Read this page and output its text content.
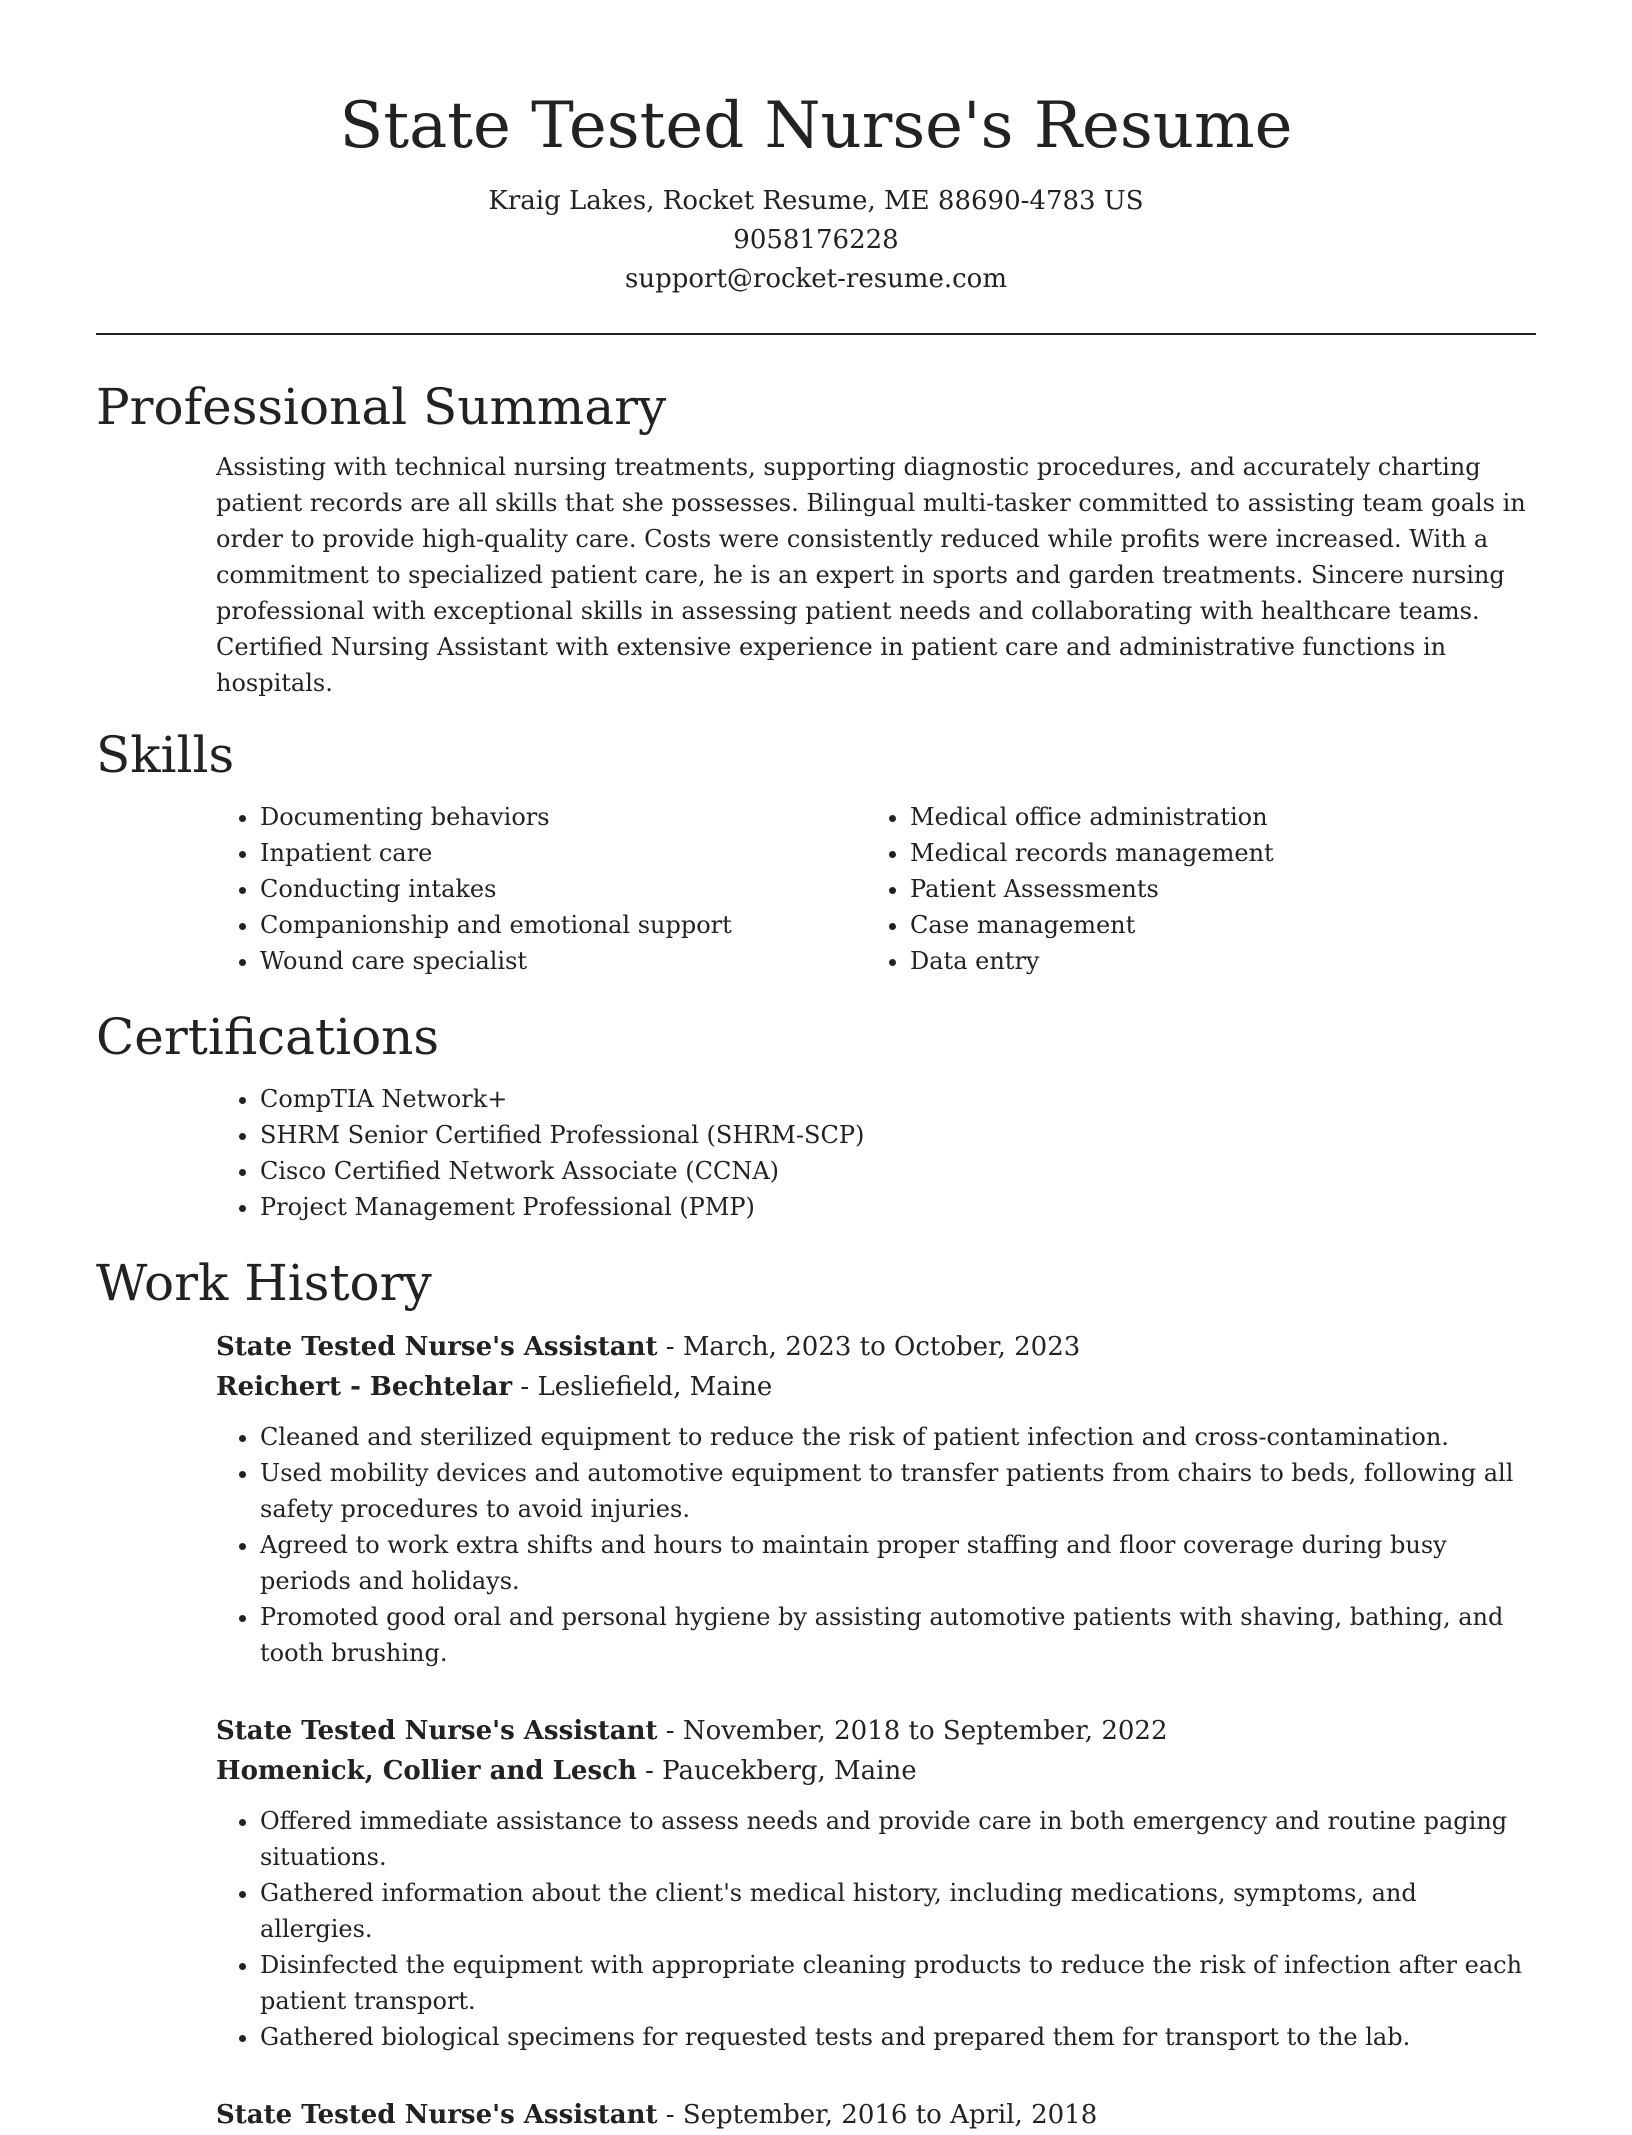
State Tested Nurse's Resume
Kraig Lakes, Rocket Resume, ME 88690-4783 US
9058176228
support@rocket-resume.com
Professional Summary
Assisting with technical nursing treatments, supporting diagnostic procedures, and accurately charting patient records are all skills that she possesses. Bilingual multi-tasker committed to assisting team goals in order to provide high-quality care. Costs were consistently reduced while profits were increased. With a commitment to specialized patient care, he is an expert in sports and garden treatments. Sincere nursing professional with exceptional skills in assessing patient needs and collaborating with healthcare teams. Certified Nursing Assistant with extensive experience in patient care and administrative functions in hospitals.
Skills
• Documenting behaviors
• Inpatient care
• Conducting intakes
• Companionship and emotional support
• Wound care specialist
• Medical office administration
• Medical records management
• Patient Assessments
• Case management
• Data entry
Certifications
• CompTIA Network+
• SHRM Senior Certified Professional (SHRM-SCP)
• Cisco Certified Network Associate (CCNA)
• Project Management Professional (PMP)
Work History
State Tested Nurse's Assistant - March, 2023 to October, 2023
Reichert - Bechtelar - Lesliefield, Maine
• Cleaned and sterilized equipment to reduce the risk of patient infection and cross-contamination.
• Used mobility devices and automotive equipment to transfer patients from chairs to beds, following all safety procedures to avoid injuries.
• Agreed to work extra shifts and hours to maintain proper staffing and floor coverage during busy periods and holidays.
• Promoted good oral and personal hygiene by assisting automotive patients with shaving, bathing, and tooth brushing.
State Tested Nurse's Assistant - November, 2018 to September, 2022
Homenick, Collier and Lesch - Paucekberg, Maine
• Offered immediate assistance to assess needs and provide care in both emergency and routine paging situations.
• Gathered information about the client's medical history, including medications, symptoms, and allergies.
• Disinfected the equipment with appropriate cleaning products to reduce the risk of infection after each patient transport.
• Gathered biological specimens for requested tests and prepared them for transport to the lab.
State Tested Nurse's Assistant - September, 2016 to April, 2018
